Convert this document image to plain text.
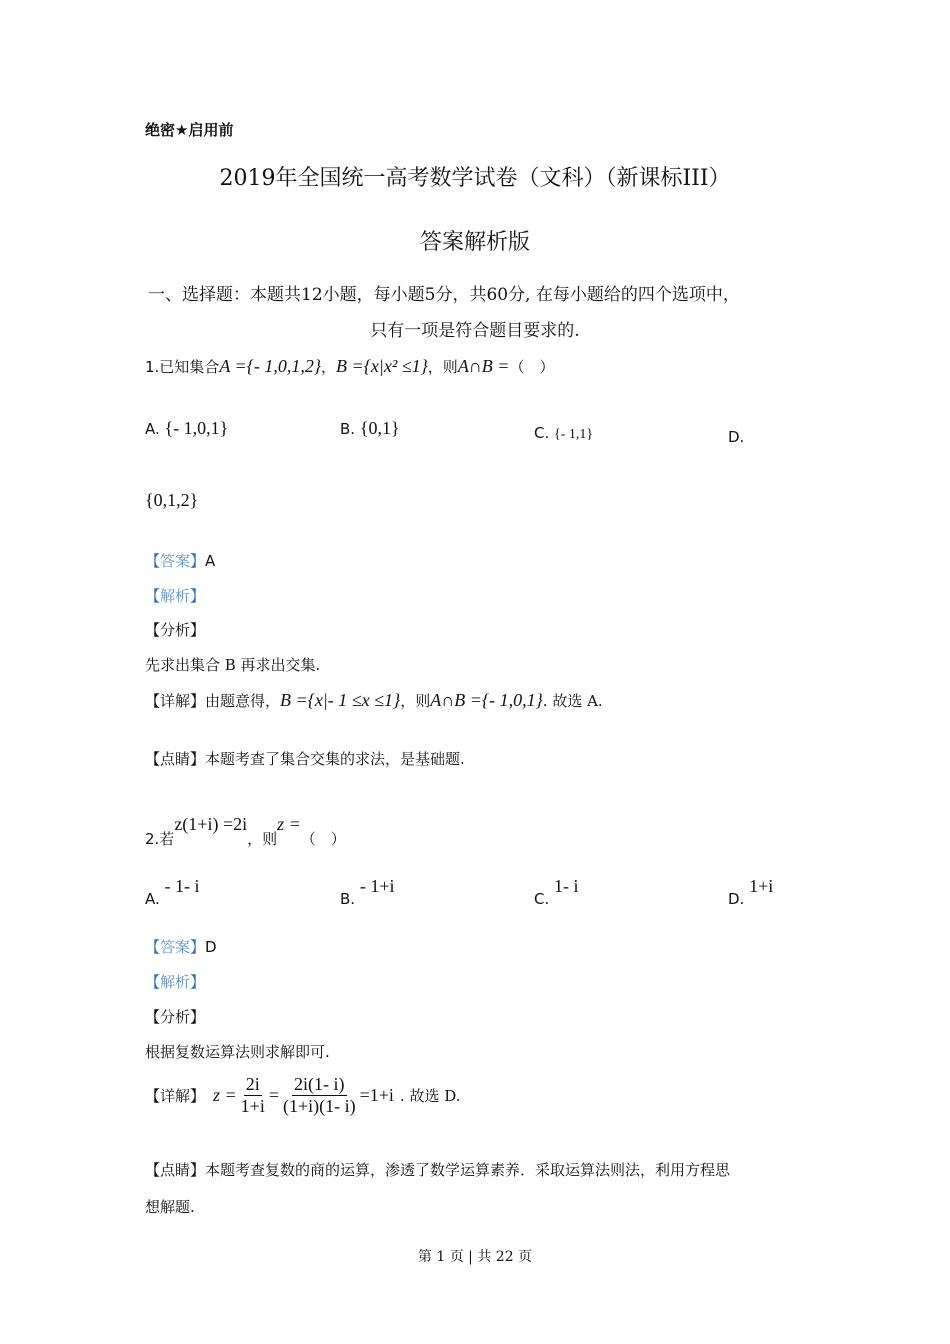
绝密★启用前
2019年全国统一高考数学试卷（文科）（新课标III）
答案解析版
一、选择题：本题共12小题，每小题5分，共60分, 在每小题给的四个选项中，
只有一项是符合题目要求的.
1.已知集合A ={- 1,0,1,2}，B ={x|x² ≤1}，则A∩B =（　）
A. {- 1,0,1}	B. {0,1}	C. {- 1,1}	D.
{0,1,2}
【答案】A
【解析】
【分析】
先求出集合 B 再求出交集.
【详解】由题意得，B ={x|- 1 ≤x ≤1}，则A∩B ={- 1,0,1}. 故选 A.
【点睛】本题考查了集合交集的求法，是基础题.
2.若z(1+i) =2i，则z =（　）
A. - 1- i
B. - 1+i
C. 1- i
D. 1+i
【答案】D
【解析】
【分析】
根据复数运算法则求解即可.
【详解】 $z = \frac{2i}{1+i} = \frac{2i(1- i)}{(1+i)(1- i)} =1+i$ . 故选 D.
【点睛】本题考查复数的商的运算，渗透了数学运算素养．采取运算法则法，利用方程思
想解题.
第 1 页 | 共 22 页
